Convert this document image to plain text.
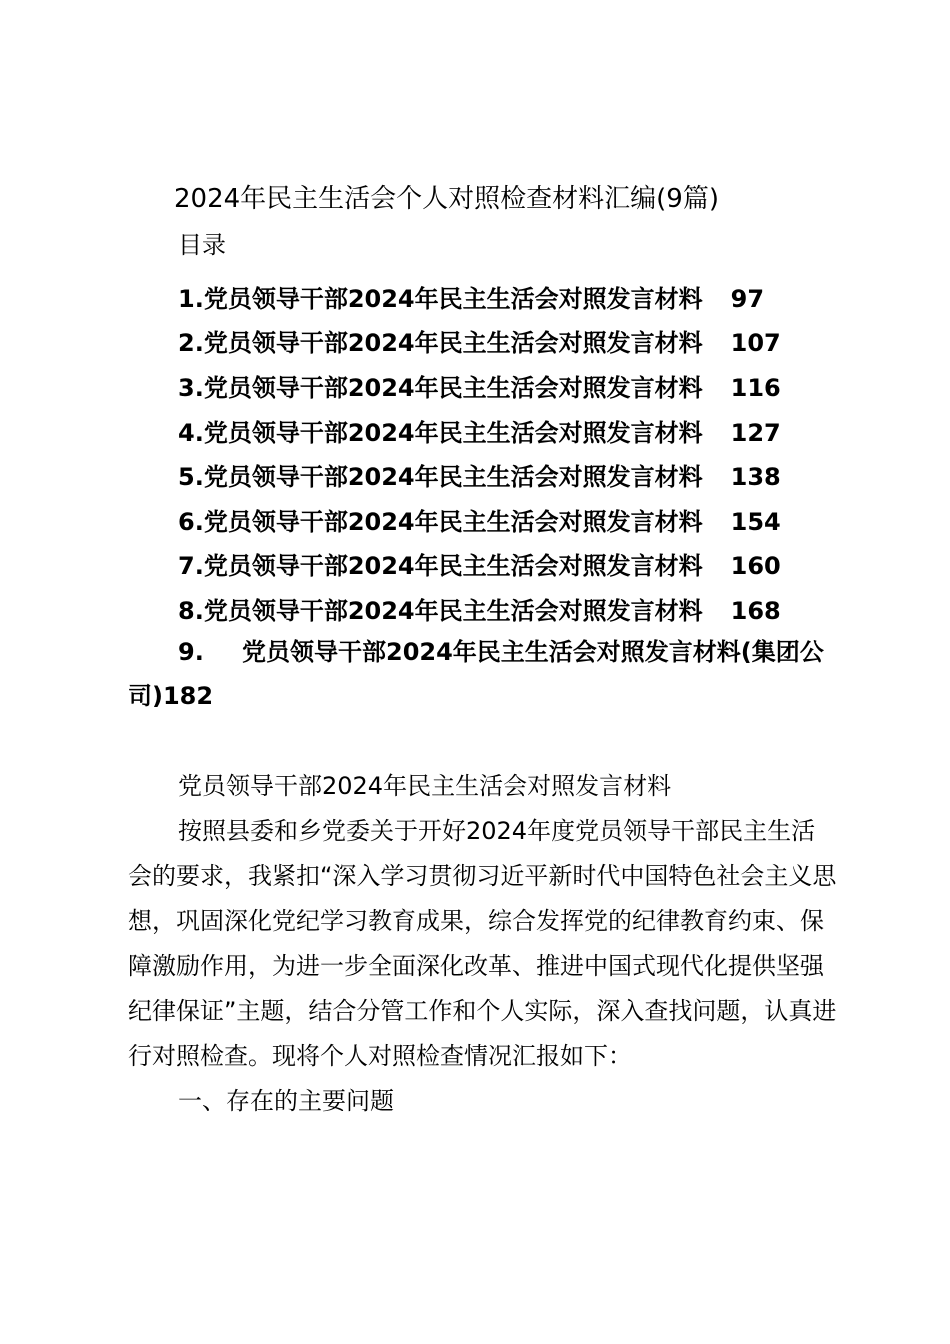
2024年民主生活会个人对照检查材料汇编(9篇)
目录
1.党员领导干部2024年民主生活会对照发言材料 97
2.党员领导干部2024年民主生活会对照发言材料 107
3.党员领导干部2024年民主生活会对照发言材料 116
4.党员领导干部2024年民主生活会对照发言材料 127
5.党员领导干部2024年民主生活会对照发言材料 138
6.党员领导干部2024年民主生活会对照发言材料 154
7.党员领导干部2024年民主生活会对照发言材料 160
8.党员领导干部2024年民主生活会对照发言材料 168
9. 党员领导干部2024年民主生活会对照发言材料(集团公司)182

党员领导干部2024年民主生活会对照发言材料

按照县委和乡党委关于开好2024年度党员领导干部民主生活会的要求，我紧扣“深入学习贯彻习近平新时代中国特色社会主义思想，巩固深化党纪学习教育成果，综合发挥党的纪律教育约束、保障激励作用，为进一步全面深化改革、推进中国式现代化提供坚强纪律保证”主题，结合分管工作和个人实际，深入查找问题，认真进行对照检查。现将个人对照检查情况汇报如下：

一、存在的主要问题
